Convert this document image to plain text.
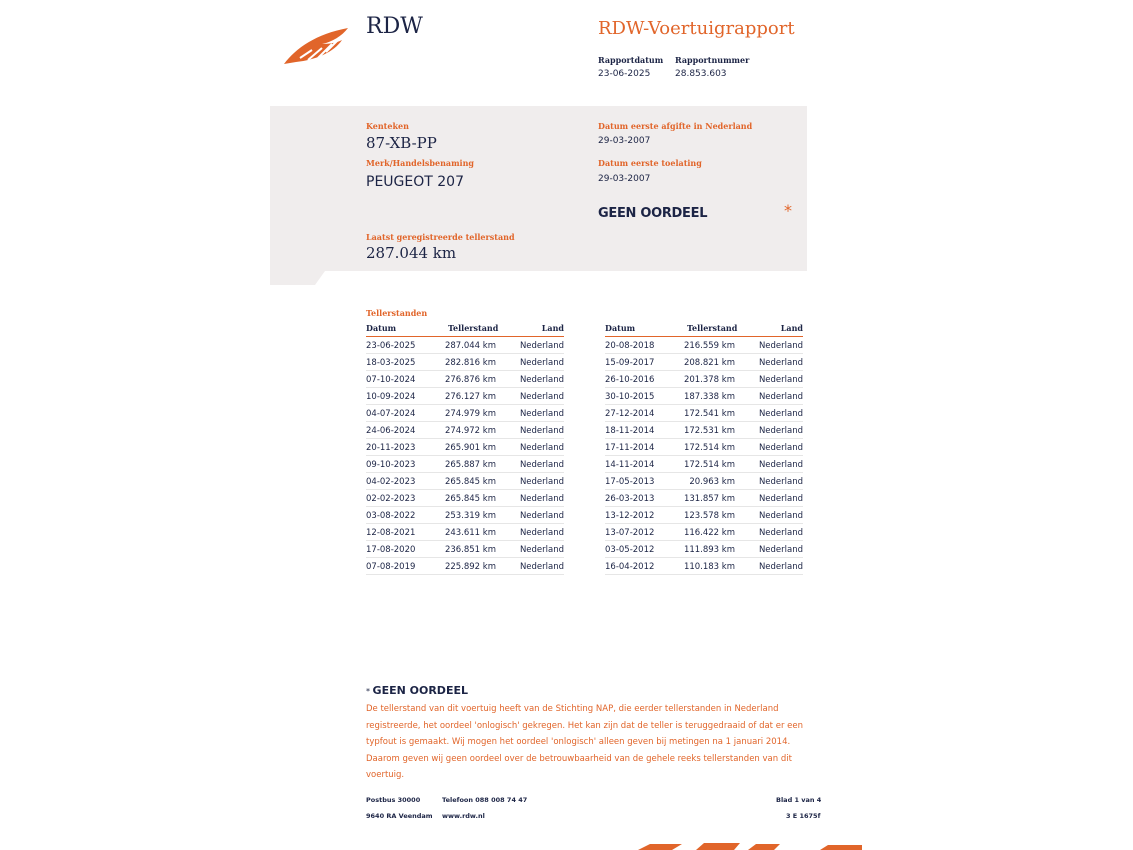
RDW	RDW-Voertuigrapport
Rapportdatum Rapportnummer
23-06-2025	28.853.603
Kenteken
87-XB-PP
Merk/Handelsbenaming
PEUGEOT 207
Laatst geregistreerde tellerstand
287.044 km
Datum eerste afgifte in Nederland
29-03-2007
Datum eerste toelating
29-03-2007
GEEN OORDEEL	*
Tellerstanden
Datum	Tellerstand	Land
23-06-2025	287.044 km	Nederland
18-03-2025	282.816 km	Nederland
07-10-2024	276.876 km	Nederland
10-09-2024	276.127 km	Nederland
04-07-2024	274.979 km	Nederland
24-06-2024	274.972 km	Nederland
20-11-2023	265.901 km	Nederland
09-10-2023	265.887 km	Nederland
04-02-2023	265.845 km	Nederland
02-02-2023	265.845 km	Nederland
03-08-2022	253.319 km	Nederland
12-08-2021	243.611 km	Nederland
17-08-2020	236.851 km	Nederland
07-08-2019	225.892 km	Nederland
Datum	Tellerstand	Land
20-08-2018	216.559 km	Nederland
15-09-2017	208.821 km	Nederland
26-10-2016	201.378 km	Nederland
30-10-2015	187.338 km	Nederland
27-12-2014	172.541 km	Nederland
18-11-2014	172.531 km	Nederland
17-11-2014	172.514 km	Nederland
14-11-2014	172.514 km	Nederland
17-05-2013	20.963 km	Nederland
26-03-2013	131.857 km	Nederland
13-12-2012	123.578 km	Nederland
13-07-2012	116.422 km	Nederland
03-05-2012	111.893 km	Nederland
16-04-2012	110.183 km	Nederland
* GEEN OORDEEL
De tellerstand van dit voertuig heeft van de Stichting NAP, die eerder tellerstanden in Nederland registreerde, het oordeel 'onlogisch' gekregen. Het kan zijn dat de teller is teruggedraaid of dat er een typfout is gemaakt. Wij mogen het oordeel 'onlogisch' alleen geven bij metingen na 1 januari 2014. Daarom geven wij geen oordeel over de betrouwbaarheid van de gehele reeks tellerstanden van dit voertuig.
Postbus 30000
9640 RA Veendam
Telefoon 088 008 74 47
www.rdw.nl
Blad 1 van 4
3 E 1675f
